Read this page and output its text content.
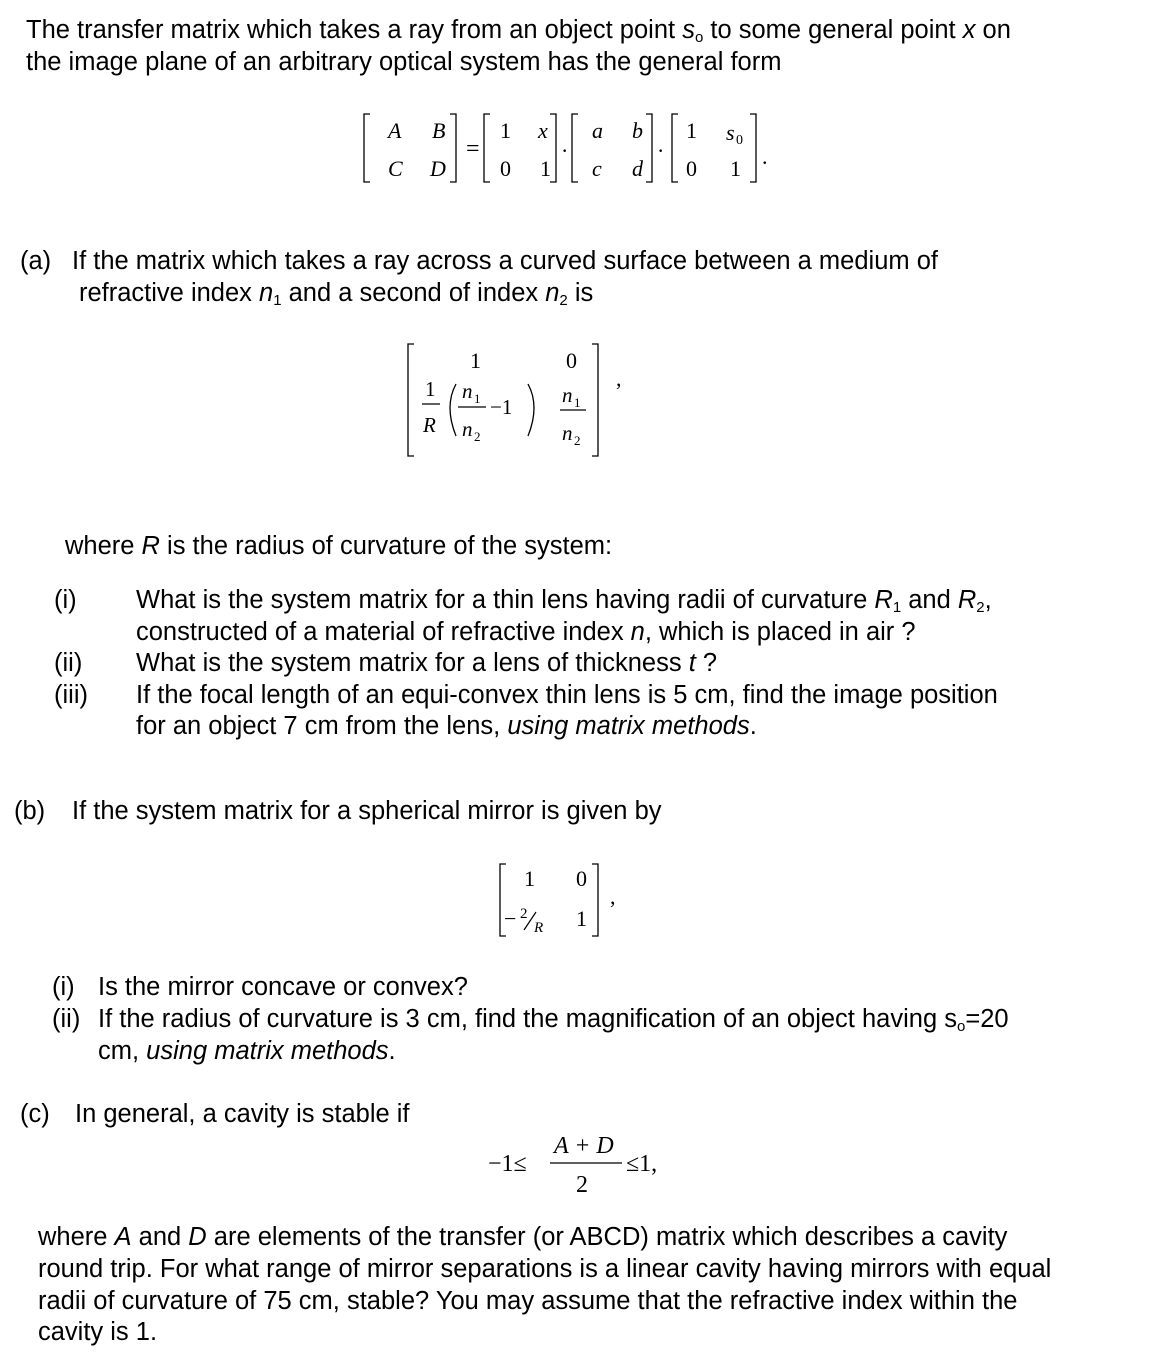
The transfer matrix which takes a ray from an object point $s_o$ to some general point x on
the image plane of an arbitrary optical system has the general form
A B
C D
=
1 x
0 1
·
a b
c d
·
1 s 0
0 1 .
(a) If the matrix which takes a ray across a curved surface between a medium of
refractive index $n_1$ and a second of index $n_2$ is
1	0
1
R
n 1
n 2
−1 n 1
n 2
,
where R is the radius of curvature of the system:
(i) What is the system matrix for a thin lens having radii of curvature $R_1$ and $R_2$,
constructed of a material of refractive index n, which is placed in air ?
(ii) What is the system matrix for a lens of thickness t ?
(iii) If the focal length of an equi-convex thin lens is 5 cm, find the image position
for an object 7 cm from the lens, using matrix methods.
(b) If the system matrix for a spherical mirror is given by
1 0
− 2
R 1
,
(i) Is the mirror concave or convex?
(ii) If the radius of curvature is 3 cm, find the magnification of an object having $s_o=20$
cm, using matrix methods.
(c) In general, a cavity is stable if
−1≤
A + D
2
≤1,
where A and D are elements of the transfer (or ABCD) matrix which describes a cavity
round trip. For what range of mirror separations is a linear cavity having mirrors with equal
radii of curvature of 75 cm, stable? You may assume that the refractive index within the
cavity is 1.
